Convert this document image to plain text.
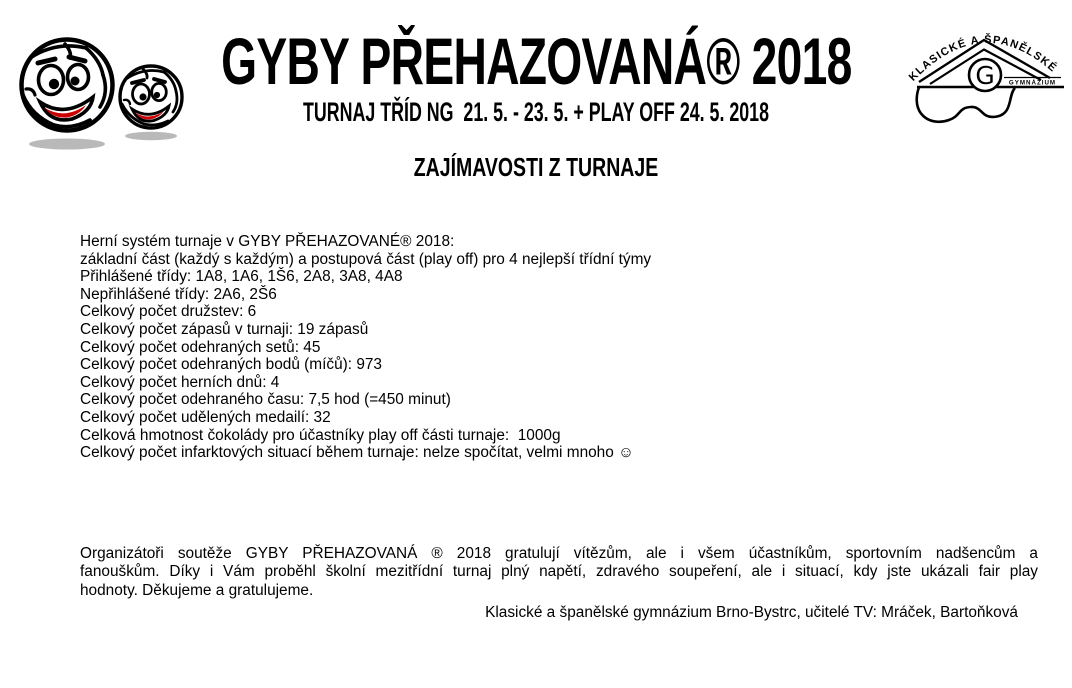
GYBY PŘEHAZOVANÁ® 2018
TURNAJ TŘÍD NG  21. 5. - 23. 5. + PLAY OFF 24. 5. 2018
KLASICKÉ A ŠPANĚLSKÉ
G GYMNÁZIUM
ZAJÍMAVOSTI Z TURNAJE
Herní systém turnaje v GYBY PŘEHAZOVANÉ® 2018:
základní část (každý s každým) a postupová část (play off) pro 4 nejlepší třídní týmy
Přihlášené třídy: 1A8, 1A6, 1Š6, 2A8, 3A8, 4A8
Nepřihlášené třídy: 2A6, 2Š6
Celkový počet družstev: 6
Celkový počet zápasů v turnaji: 19 zápasů
Celkový počet odehraných setů: 45
Celkový počet odehraných bodů (míčů): 973
Celkový počet herních dnů: 4
Celkový počet odehraného času: 7,5 hod (=450 minut)
Celkový počet udělených medailí: 32
Celková hmotnost čokolády pro účastníky play off části turnaje:  1000g
Celkový počet infarktových situací během turnaje: nelze spočítat, velmi mnoho ☺
Organizátoři soutěže GYBY PŘEHAZOVANÁ ® 2018 gratulují vítězům, ale i všem účastníkům, sportovním nadšencům a
fanouškům. Díky i Vám proběhl školní mezitřídní turnaj plný napětí, zdravého soupeření, ale i situací, kdy jste ukázali fair play
hodnoty. Děkujeme a gratulujeme.
Klasické a španělské gymnázium Brno-Bystrc, učitelé TV: Mráček, Bartoňková
